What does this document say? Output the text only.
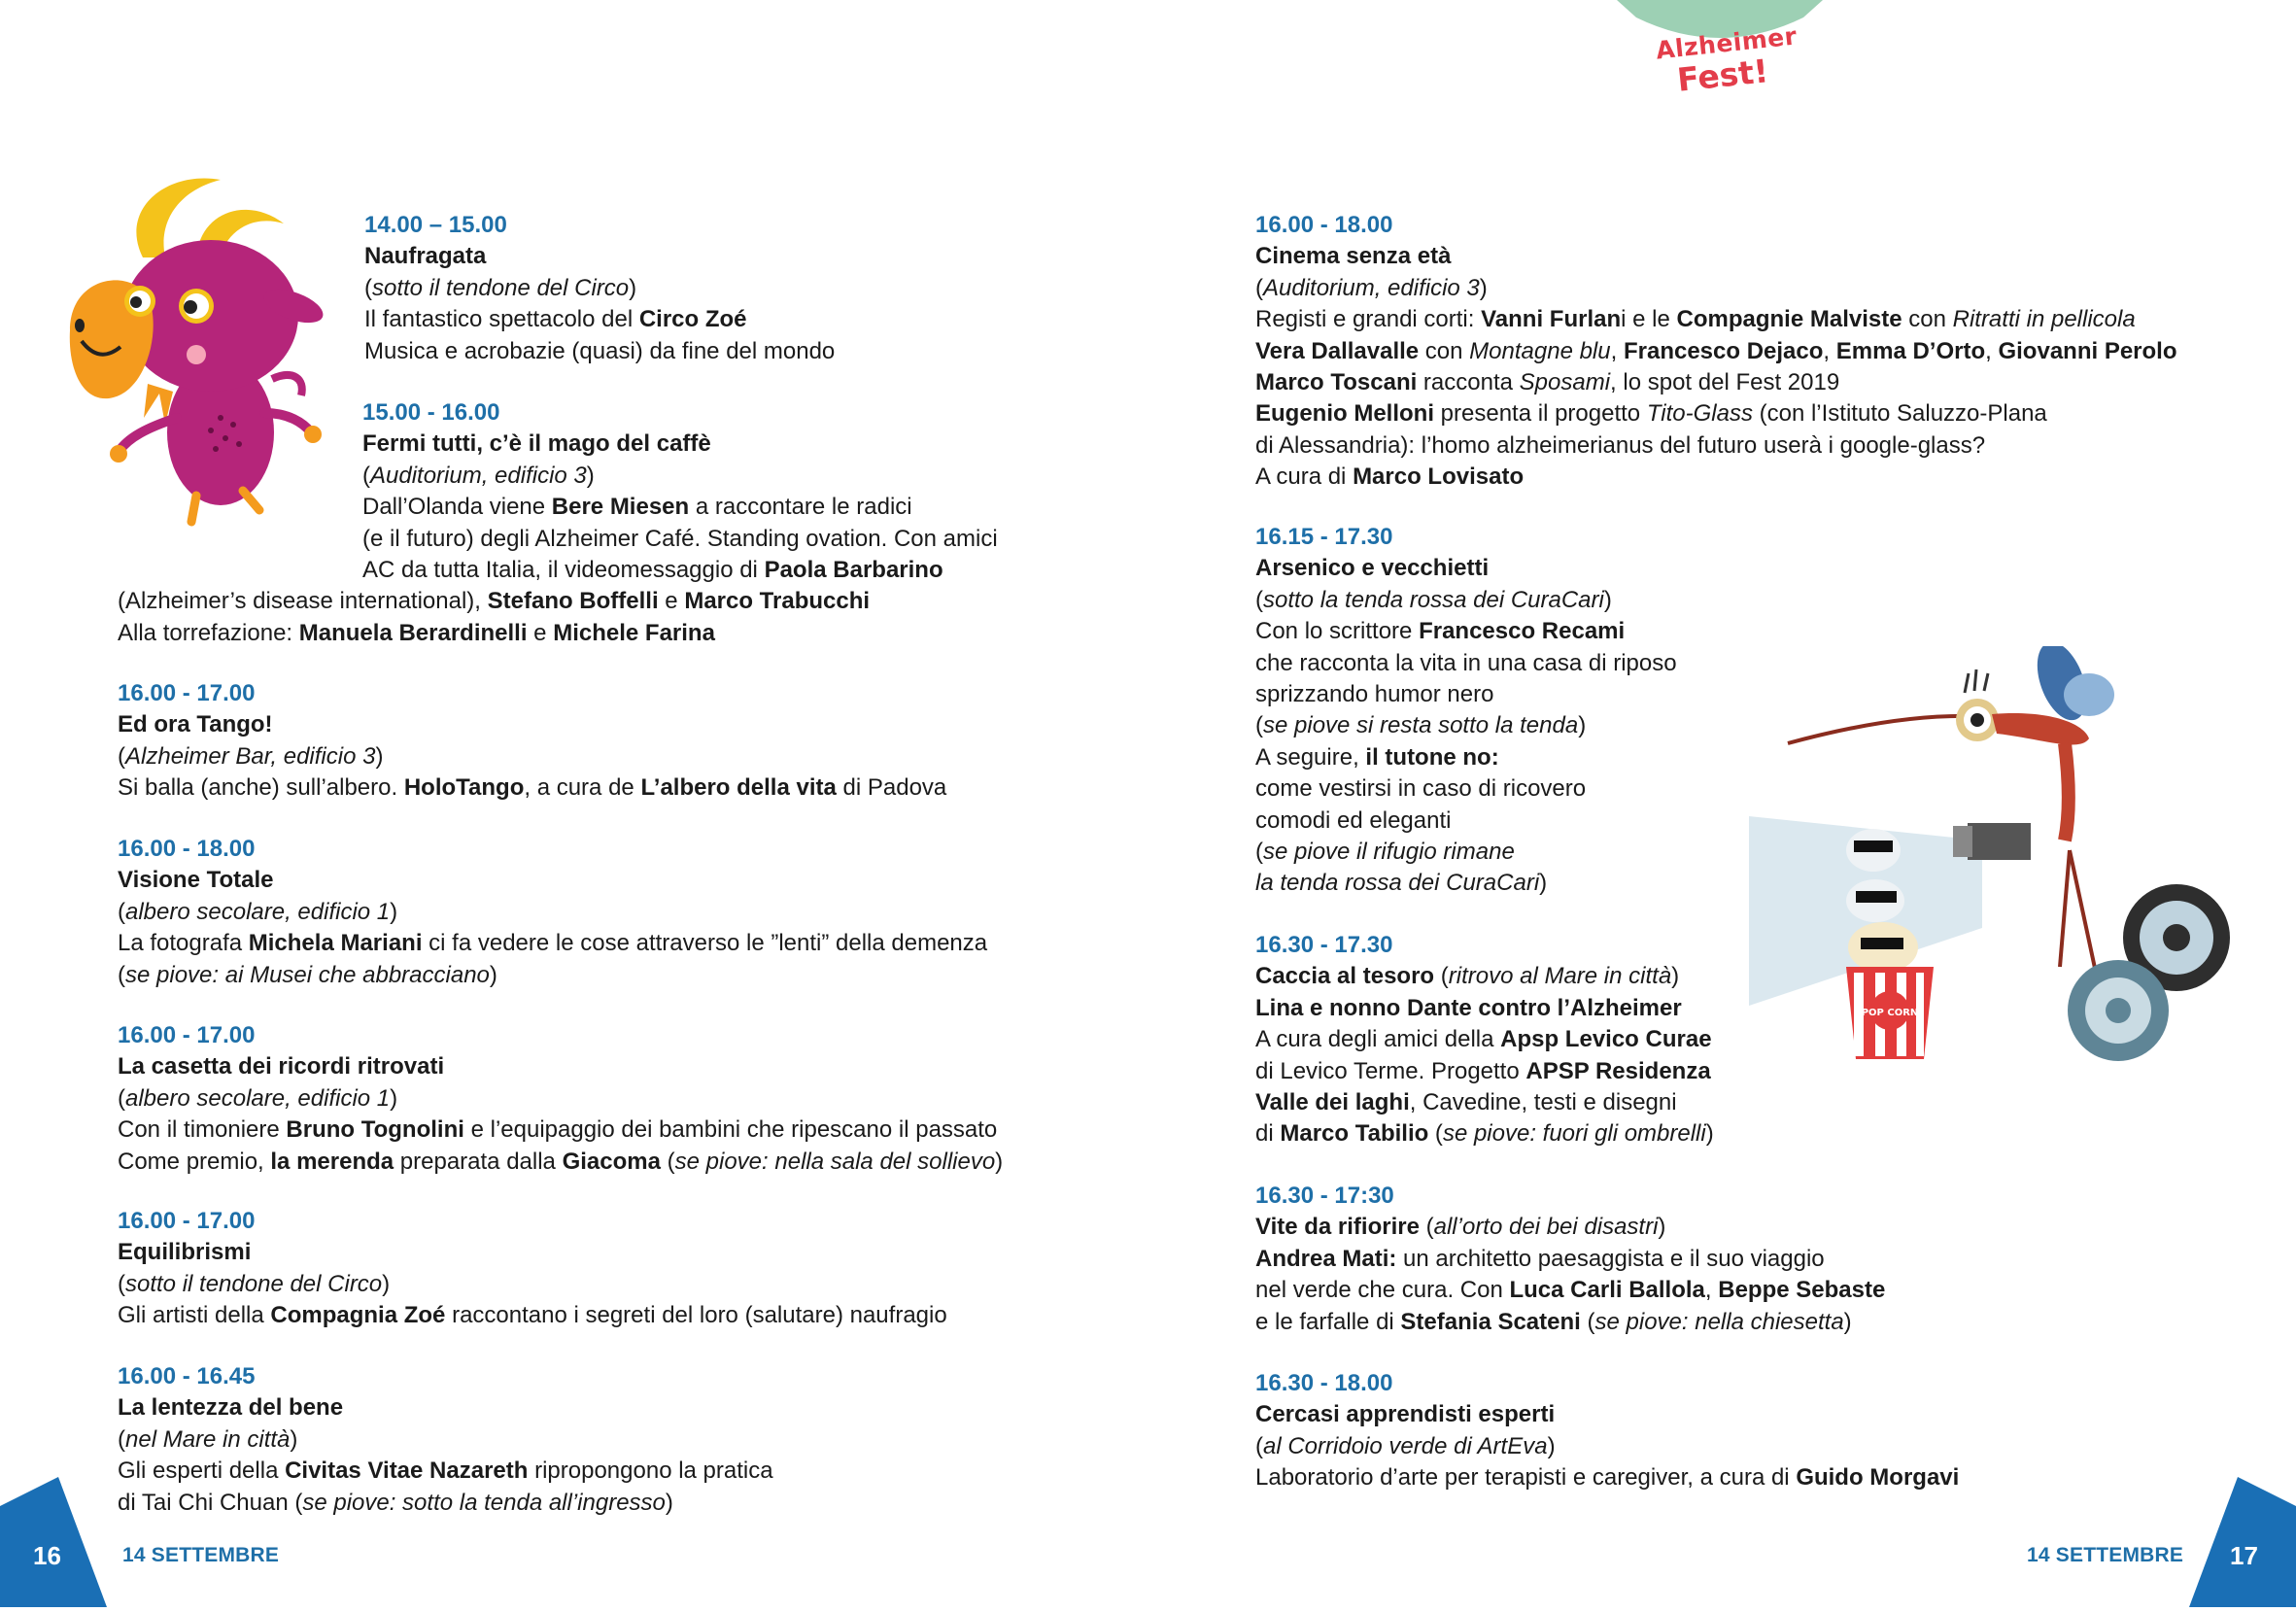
Alzheimer
Fest!
POP CORN
14.00 – 15.00
Naufragata
(sotto il tendone del Circo)
Il fantastico spettacolo del Circo Zoé
Musica e acrobazie (quasi) da fine del mondo
15.00 - 16.00
Fermi tutti, c’è il mago del caffè
(Auditorium, edificio 3)
Dall’Olanda viene Bere Miesen a raccontare le radici
(e il futuro) degli Alzheimer Café. Standing ovation. Con amici
AC da tutta Italia, il videomessaggio di Paola Barbarino
(Alzheimer’s disease international), Stefano Boffelli e Marco Trabucchi
Alla torrefazione: Manuela Berardinelli e Michele Farina
16.00 - 17.00
Ed ora Tango!
(Alzheimer Bar, edificio 3)
Si balla (anche) sull’albero. HoloTango, a cura de L’albero della vita di Padova
16.00 - 18.00
Visione Totale
(albero secolare, edificio 1)
La fotografa Michela Mariani ci fa vedere le cose attraverso le ”lenti” della demenza
(se piove: ai Musei che abbracciano)
16.00 - 17.00
La casetta dei ricordi ritrovati
(albero secolare, edificio 1)
Con il timoniere Bruno Tognolini e l’equipaggio dei bambini che ripescano il passato
Come premio, la merenda preparata dalla Giacoma (se piove: nella sala del sollievo)
16.00 - 17.00
Equilibrismi
(sotto il tendone del Circo)
Gli artisti della Compagnia Zoé raccontano i segreti del loro (salutare) naufragio
16.00 - 16.45
La lentezza del bene
(nel Mare in città)
Gli esperti della Civitas Vitae Nazareth ripropongono la pratica
di Tai Chi Chuan (se piove: sotto la tenda all’ingresso)
16.00 - 18.00
Cinema senza età
(Auditorium, edificio 3)
Registi e grandi corti: Vanni Furlani e le Compagnie Malviste con Ritratti in pellicola
Vera Dallavalle con Montagne blu, Francesco Dejaco, Emma D’Orto, Giovanni Perolo
Marco Toscani racconta Sposami, lo spot del Fest 2019
Eugenio Melloni presenta il progetto Tito-Glass (con l’Istituto Saluzzo-Plana
di Alessandria): l’homo alzheimerianus del futuro userà i google-glass?
A cura di Marco Lovisato
16.15 - 17.30
Arsenico e vecchietti
(sotto la tenda rossa dei CuraCari)
Con lo scrittore Francesco Recami
che racconta la vita in una casa di riposo
sprizzando humor nero
(se piove si resta sotto la tenda)
A seguire, il tutone no:
come vestirsi in caso di ricovero
comodi ed eleganti
(se piove il rifugio rimane
la tenda rossa dei CuraCari)
16.30 - 17.30
Caccia al tesoro (ritrovo al Mare in città)
Lina e nonno Dante contro l’Alzheimer
A cura degli amici della Apsp Levico Curae
di Levico Terme. Progetto APSP Residenza
Valle dei laghi, Cavedine, testi e disegni
di Marco Tabilio (se piove: fuori gli ombrelli)
16.30 - 17:30
Vite da rifiorire (all’orto dei bei disastri)
Andrea Mati: un architetto paesaggista e il suo viaggio
nel verde che cura. Con Luca Carli Ballola, Beppe Sebaste
e le farfalle di Stefania Scateni (se piove: nella chiesetta)
16.30 - 18.00
Cercasi apprendisti esperti
(al Corridoio verde di ArtEva)
Laboratorio d’arte per terapisti e caregiver, a cura di Guido Morgavi
16	14 SETTEMBRE	17
14 SETTEMBRE
